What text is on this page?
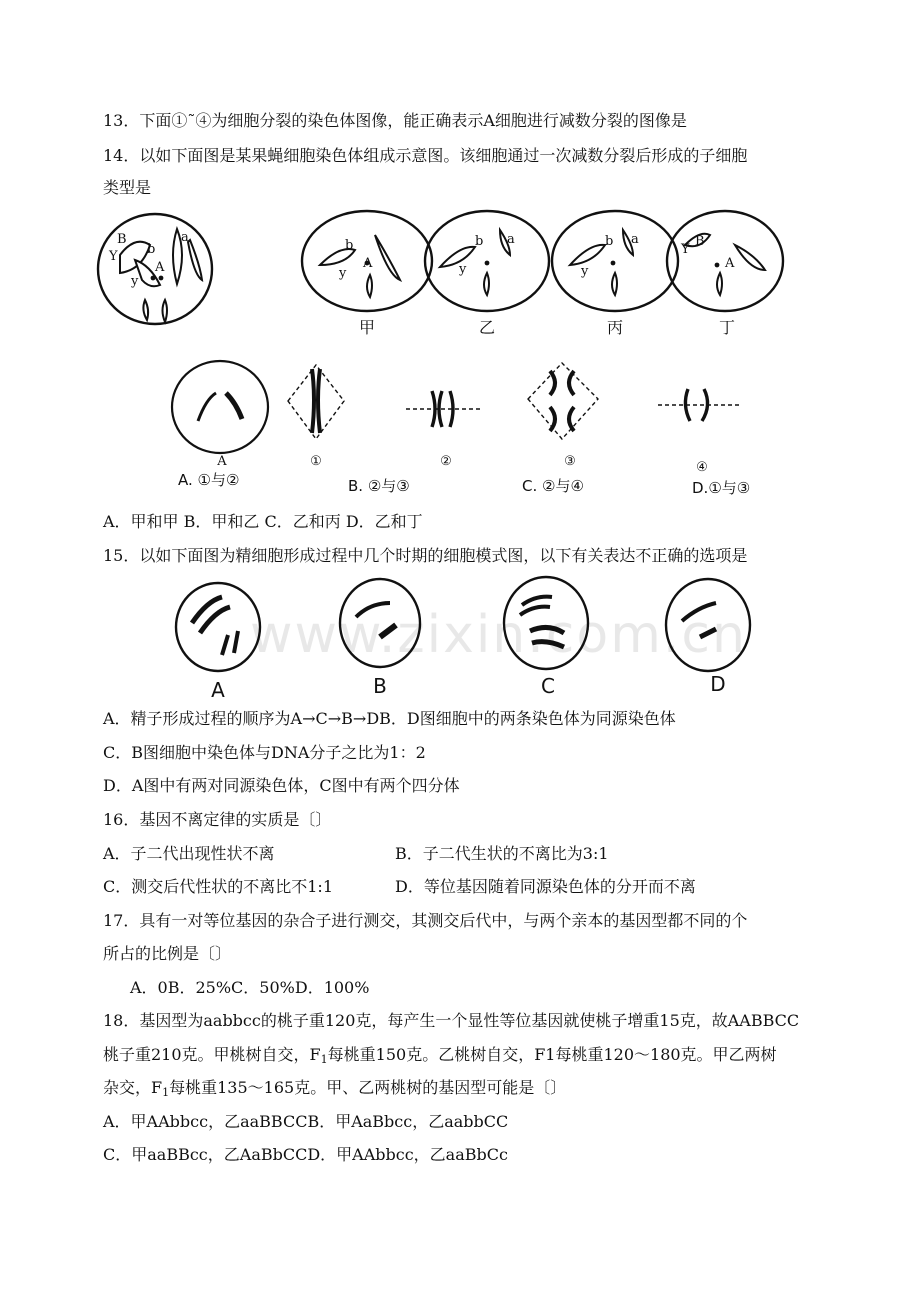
13．下面①˜④为细胞分裂的染色体图像，能正确表示A细胞进行减数分裂的图像是
14．以如下面图是某果蝇细胞染色体组成示意图。该细胞通过一次减数分裂后形成的子细胞
类型是
B
Y b
A
a
y
b
y
A
b a
y
b a
y
B
Y
A
甲	乙	丙	丁
A	①	②	③	④
A. ①与②	B. ②与③	C. ②与④	D.①与③
A．甲和甲 B．甲和乙 C．乙和丙 D．乙和丁
15．以如下面图为精细胞形成过程中几个时期的细胞模式图，以下有关表达不正确的选项是
www.zixin.com.cn
A	B	C	D
A．精子形成过程的顺序为A→C→B→DB．D图细胞中的两条染色体为同源染色体
C．B图细胞中染色体与DNA分子之比为1：2
D．A图中有两对同源染色体，C图中有两个四分体
16．基因不离定律的实质是〔〕
A．子二代出现性状不离	B．子二代生状的不离比为3:1
C．测交后代性状的不离比不1:1	D．等位基因随着同源染色体的分开而不离
17．具有一对等位基因的杂合子进行测交，其测交后代中，与两个亲本的基因型都不同的个
所占的比例是〔〕
A．0B．25%C．50%D．100%
18．基因型为aabbcc的桃子重120克，每产生一个显性等位基因就使桃子增重15克，故AABBCC
桃子重210克。甲桃树自交，$F_1$每桃重150克。乙桃树自交，F1每桃重120～180克。甲乙两树
杂交，$F_1$每桃重135～165克。甲、乙两桃树的基因型可能是〔〕
A．甲AAbbcc，乙aaBBCCB．甲AaBbcc，乙aabbCC
C．甲aaBBcc，乙AaBbCCD．甲AAbbcc，乙aaBbCc
